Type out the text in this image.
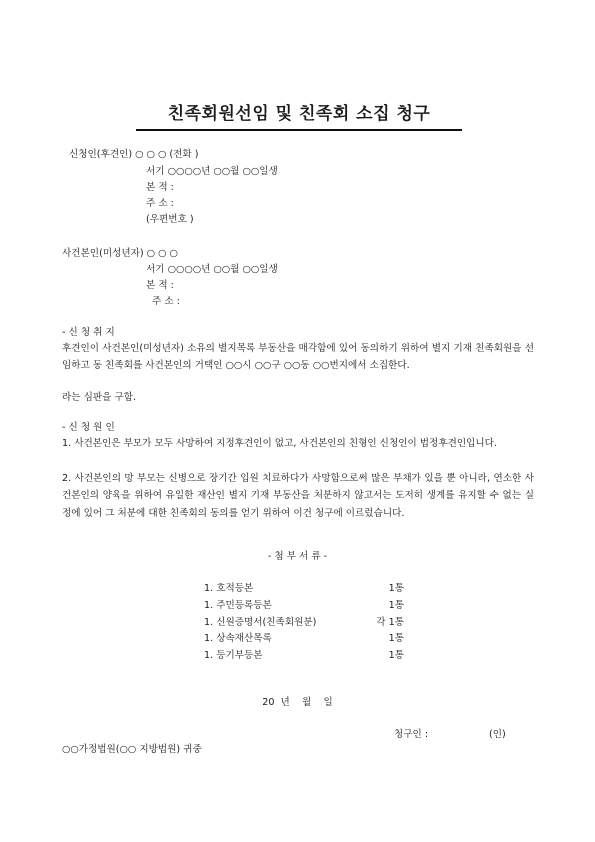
친족회원선임 및 친족회 소집 청구
신청인(후견인) ○ ○ ○ (전화 )
서기 ○○○○년 ○○월 ○○일생
본 적 :
주 소 :
(우편번호 )
사건본인(미성년자) ○ ○ ○
서기 ○○○○년 ○○월 ○○일생
본 적 :
주 소 :
- 신 청 취 지
후견인이 사건본인(미성년자) 소유의 별지목록 부동산을 매각함에 있어 동의하기 위하여 별지 기재 친족회원을 선임하고 동 친족회를 사건본인의 거택인 ○○시 ○○구 ○○동 ○○번지에서 소집한다.
라는 심판을 구함.
- 신 청 원 인
1. 사건본인은 부모가 모두 사망하여 지정후견인이 없고, 사건본인의 친형인 신청인이 법정후견인입니다.
2. 사건본인의 망 부모는 신병으로 장기간 입원 치료하다가 사망함으로써 많은 부채가 있을 뿐 아니라, 연소한 사건본인의 양육을 위하여 유일한 재산인 별지 기재 부동산을 처분하지 않고서는 도저히 생계를 유지할 수 없는 실정에 있어 그 처분에 대한 친족회의 동의를 얻기 위하여 이건 청구에 이르렀습니다.
- 첨 부 서 류 -
1. 호적등본	1통
1. 주민등록등본	1통
1. 신원증명서(친족회원분)	각 1통
1. 상속재산목록	1통
1. 등기부등본	1통
20  년    월    일
청구인 :	(인)
○○가정법원(○○ 지방법원) 귀중
